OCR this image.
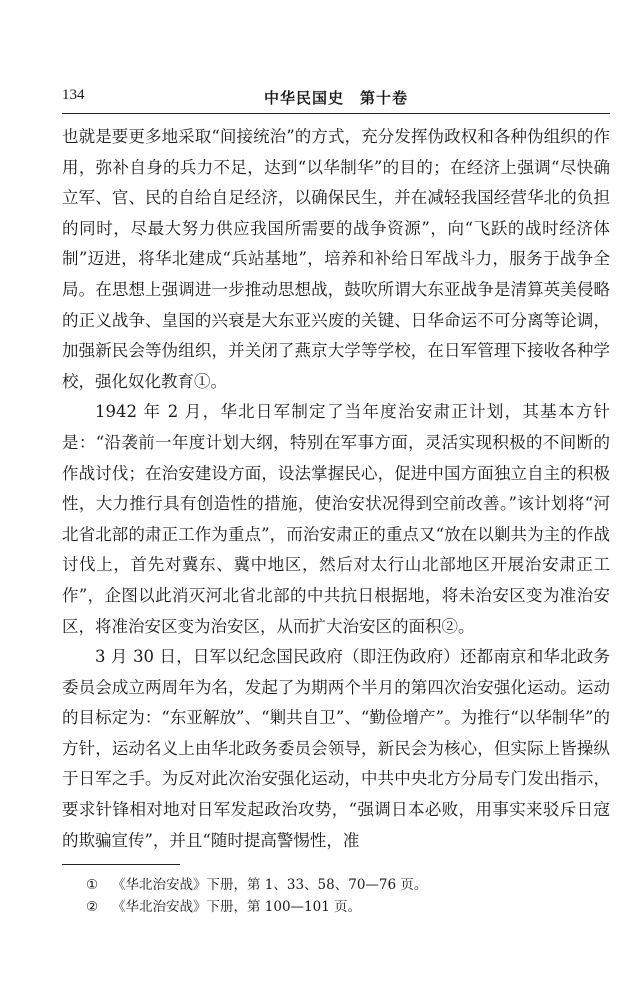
134	中华民国史　第十卷

也就是要更多地采取“间接统治”的方式，充分发挥伪政权和各种伪组织的作用，弥补自身的兵力不足，达到“以华制华”的目的；在经济上强调“尽快确立军、官、民的自给自足经济，以确保民生，并在减轻我国经营华北的负担的同时，尽最大努力供应我国所需要的战争资源”，向“飞跃的战时经济体制”迈进，将华北建成“兵站基地”，培养和补给日军战斗力，服务于战争全局。在思想上强调进一步推动思想战，鼓吹所谓大东亚战争是清算英美侵略的正义战争、皇国的兴衰是大东亚兴废的关键、日华命运不可分离等论调，加强新民会等伪组织，并关闭了燕京大学等学校，在日军管理下接收各种学校，强化奴化教育①。

1942 年 2 月，华北日军制定了当年度治安肃正计划，其基本方针是：“沿袭前一年度计划大纲，特别在军事方面，灵活实现积极的不间断的作战讨伐；在治安建设方面，设法掌握民心，促进中国方面独立自主的积极性，大力推行具有创造性的措施，使治安状况得到空前改善。”该计划将“河北省北部的肃正工作为重点”，而治安肃正的重点又“放在以剿共为主的作战讨伐上，首先对冀东、冀中地区，然后对太行山北部地区开展治安肃正工作”，企图以此消灭河北省北部的中共抗日根据地，将未治安区变为准治安区，将准治安区变为治安区，从而扩大治安区的面积②。

3 月 30 日，日军以纪念国民政府（即汪伪政府）还都南京和华北政务委员会成立两周年为名，发起了为期两个半月的第四次治安强化运动。运动的目标定为：“东亚解放”、“剿共自卫”、“勤俭增产”。为推行“以华制华”的方针，运动名义上由华北政务委员会领导，新民会为核心，但实际上皆操纵于日军之手。为反对此次治安强化运动，中共中央北方分局专门发出指示，要求针锋相对地对日军发起政治攻势，“强调日本必败，用事实来驳斥日寇的欺骗宣传”，并且“随时提高警惕性，准

① 《华北治安战》下册，第 1、33、58、70—76 页。
② 《华北治安战》下册，第 100—101 页。
